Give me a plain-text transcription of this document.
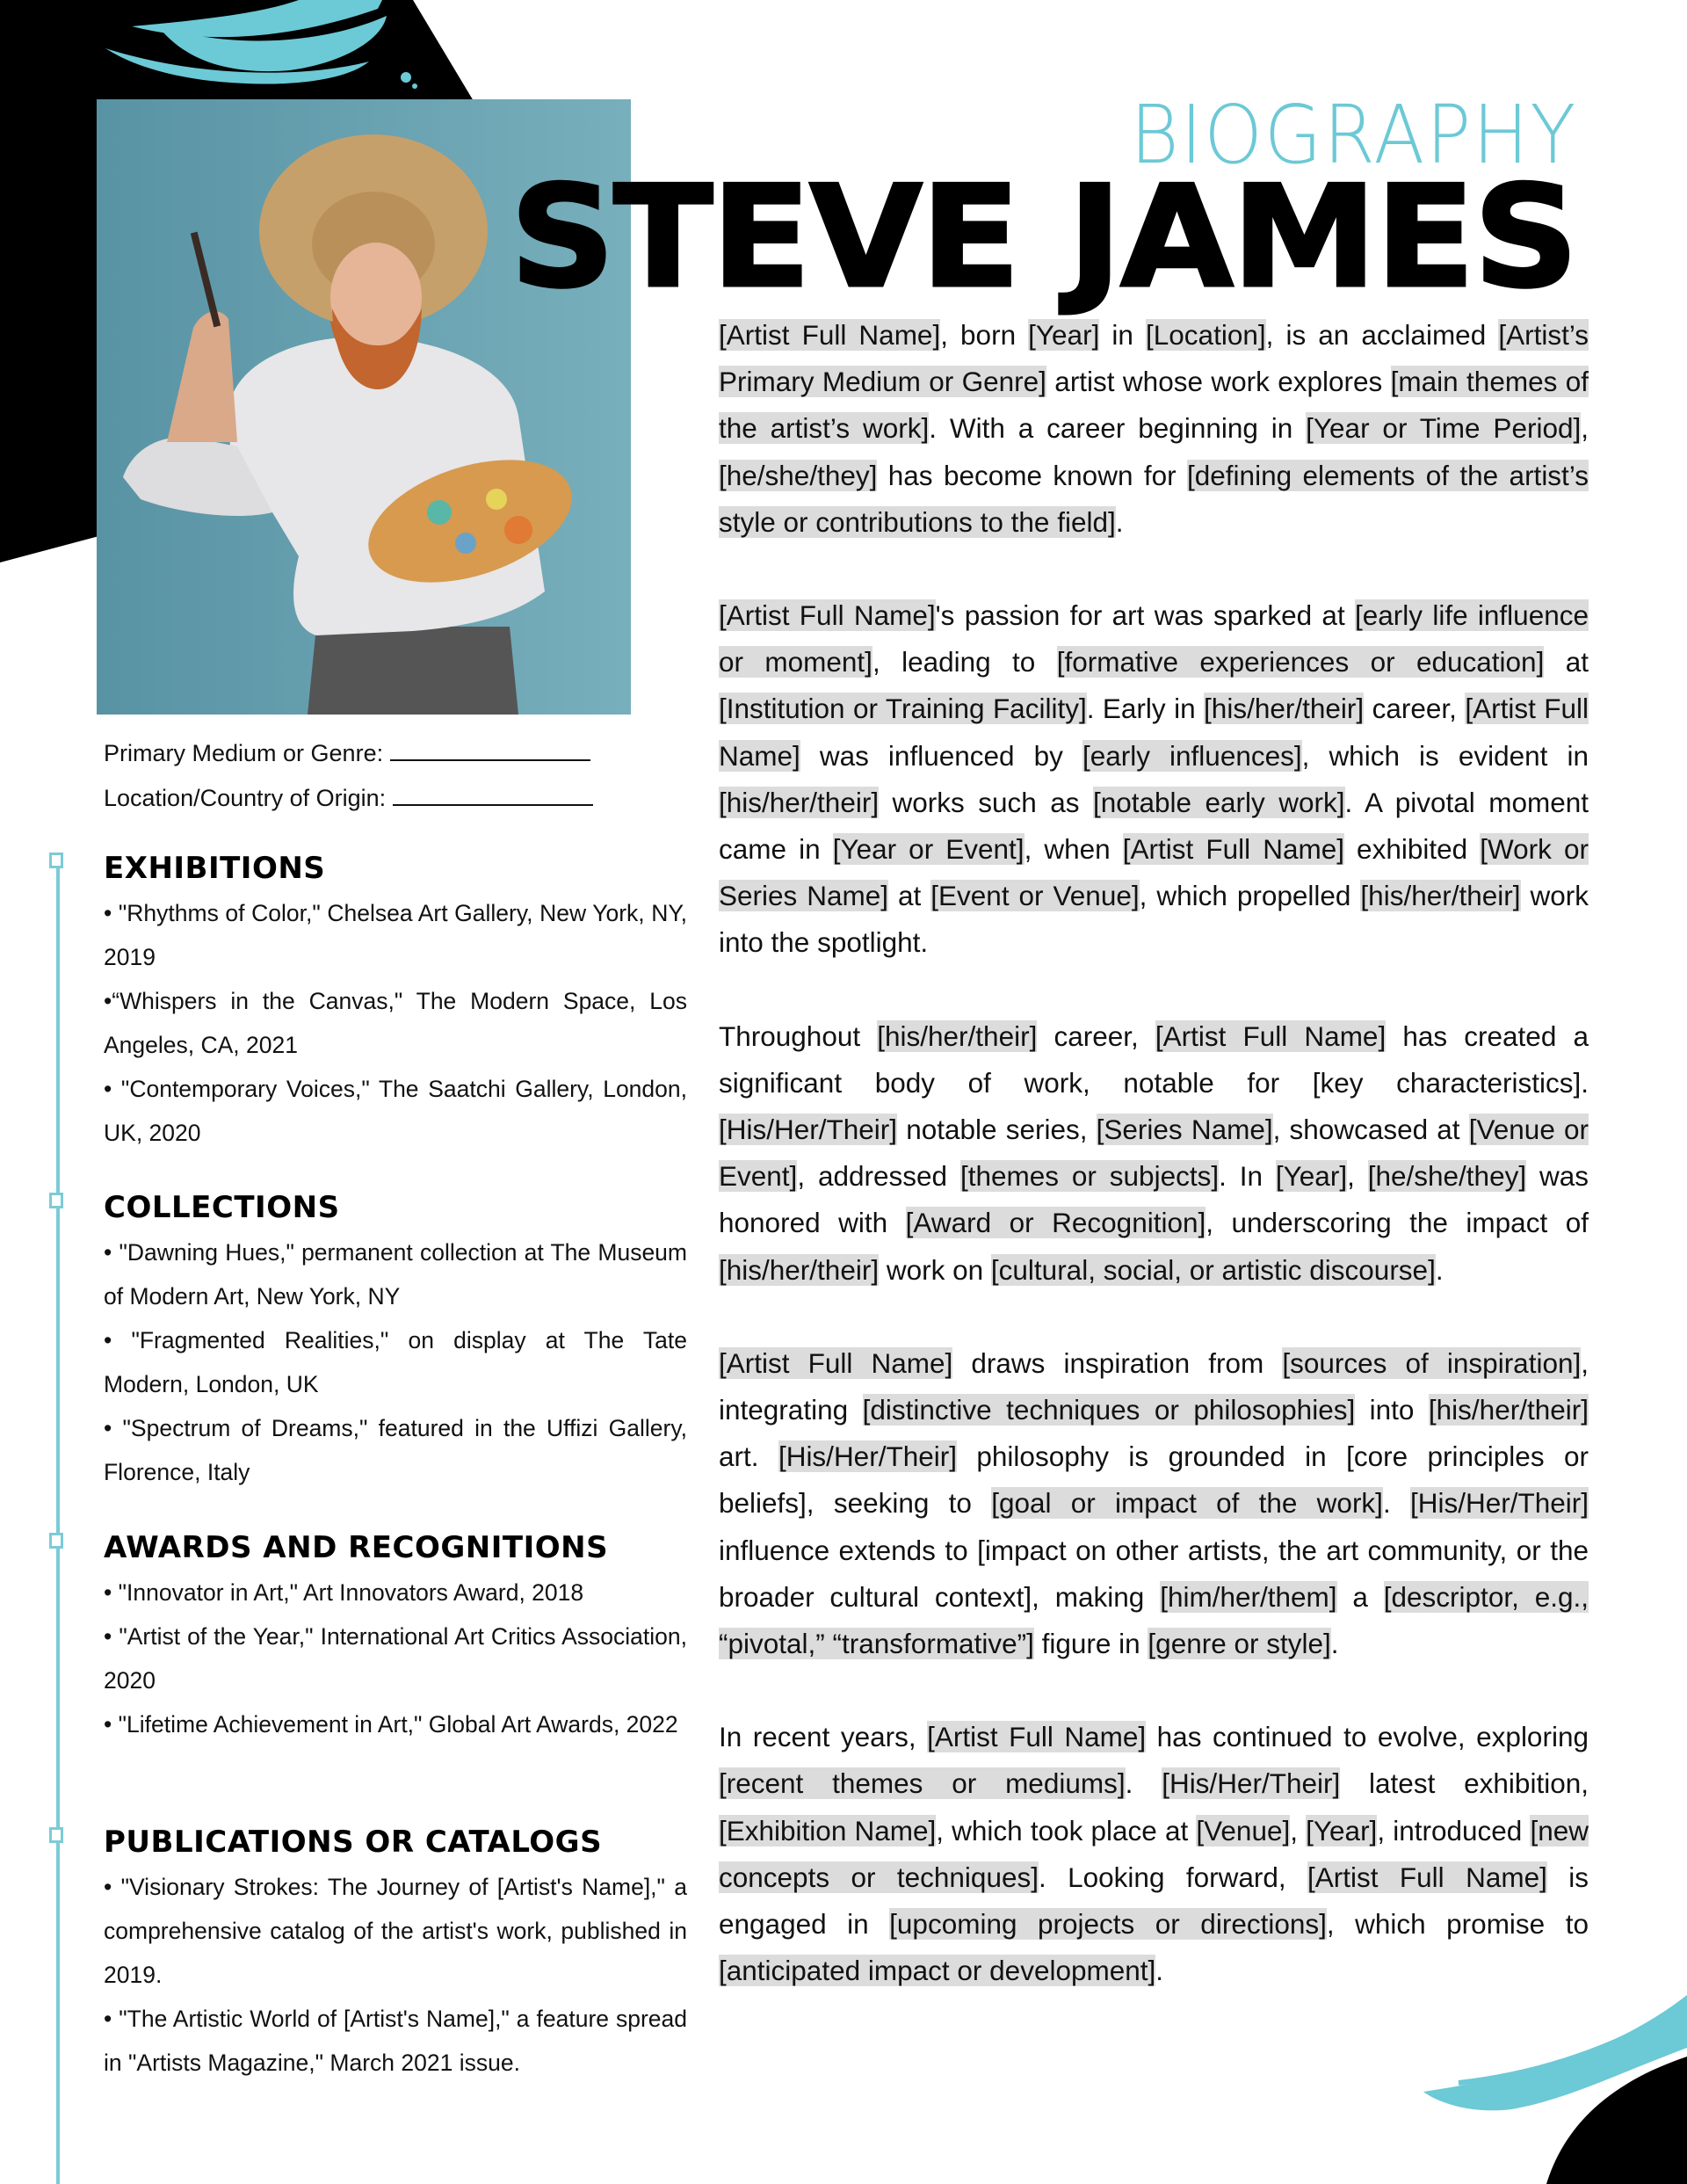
BIOGRAPHY
STEVE JAMES
Primary Medium or Genre:
Location/Country of Origin:
EXHIBITIONS
• "Rhythms of Color," Chelsea Art Gallery, New York, NY, 2019
•“Whispers in the Canvas," The Modern Space, Los Angeles, CA, 2021
• "Contemporary Voices," The Saatchi Gallery, London, UK, 2020
COLLECTIONS
• "Dawning Hues," permanent collection at The Museum of Modern Art, New York, NY
• "Fragmented Realities," on display at The Tate Modern, London, UK
• "Spectrum of Dreams," featured in the Uffizi Gallery, Florence, Italy
AWARDS AND RECOGNITIONS
• "Innovator in Art," Art Innovators Award, 2018
• "Artist of the Year," International Art Critics Association, 2020
• "Lifetime Achievement in Art," Global Art Awards, 2022
PUBLICATIONS OR CATALOGS
• "Visionary Strokes: The Journey of [Artist's Name]," a comprehensive catalog of the artist's work, published in 2019.
• "The Artistic World of [Artist's Name]," a feature spread in "Artists Magazine," March 2021 issue.

[Artist Full Name], born [Year] in [Location], is an acclaimed [Artist’s Primary Medium or Genre] artist whose work explores [main themes of the artist’s work]. With a career beginning in [Year or Time Period], [he/she/they] has become known for [defining elements of the artist’s style or contributions to the field].

[Artist Full Name]'s passion for art was sparked at [early life influence or moment], leading to [formative experiences or education] at [Institution or Training Facility]. Early in [his/her/their] career, [Artist Full Name] was influenced by [early influences], which is evident in [his/her/their] works such as [notable early work]. A pivotal moment came in [Year or Event], when [Artist Full Name] exhibited [Work or Series Name] at [Event or Venue], which propelled [his/her/their] work into the spotlight.

Throughout [his/her/their] career, [Artist Full Name] has created a significant body of work, notable for [key characteristics]. [His/Her/Their] notable series, [Series Name], showcased at [Venue or Event], addressed [themes or subjects]. In [Year], [he/she/they] was honored with [Award or Recognition], underscoring the impact of [his/her/their] work on [cultural, social, or artistic discourse].

[Artist Full Name] draws inspiration from [sources of inspiration], integrating [distinctive techniques or philosophies] into [his/her/their] art. [His/Her/Their] philosophy is grounded in [core principles or beliefs], seeking to [goal or impact of the work]. [His/Her/Their] influence extends to [impact on other artists, the art community, or the broader cultural context], making [him/her/them] a [descriptor, e.g., “pivotal,” “transformative”] figure in [genre or style].

In recent years, [Artist Full Name] has continued to evolve, exploring [recent themes or mediums]. [His/Her/Their] latest exhibition, [Exhibition Name], which took place at [Venue], [Year], introduced [new concepts or techniques]. Looking forward, [Artist Full Name] is engaged in [upcoming projects or directions], which promise to [anticipated impact or development].
